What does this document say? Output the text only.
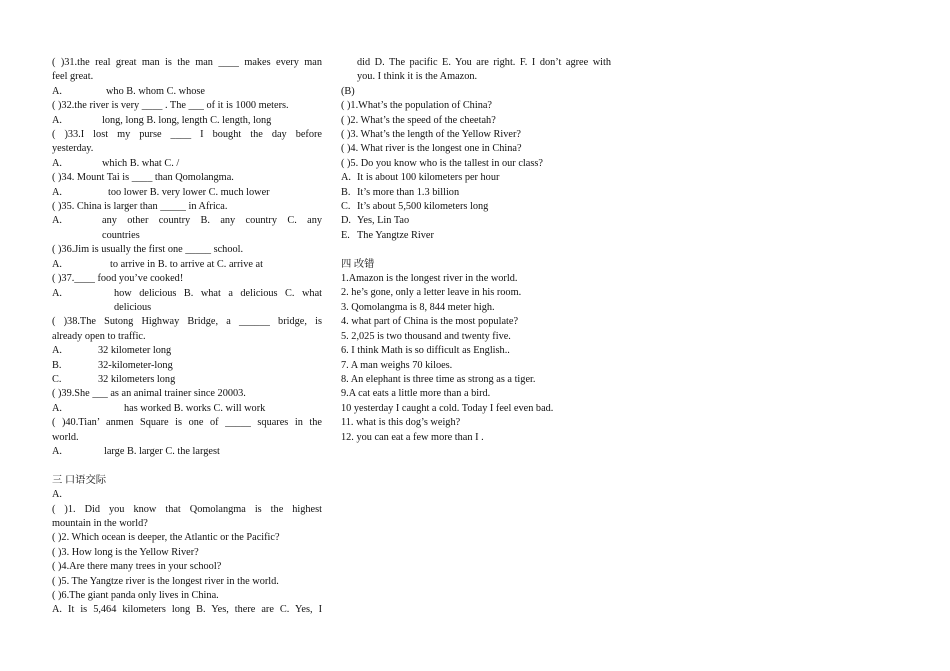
( )31.the real great man is the man ____ makes every man
feel great.
A.	who B. whom C. whose
( )32.the river is very ____ . The ___ of it is 1000 meters.
A.	long, long B. long, length C. length, long
( )33.I lost my purse ____ I bought the day before
yesterday.
A.	which B. what C. /
( )34. Mount Tai is ____ than Qomolangma.
A.	too lower B. very lower C. much lower
( )35. China is larger than _____ in Africa.
A.	any other country B. any country C. any
countries
( )36.Jim is usually the first one _____ school.
A.	to arrive in B. to arrive at C. arrive at
( )37.____ food you’ve cooked!
A.	how delicious B. what a delicious C. what
delicious
( )38.The Sutong Highway Bridge, a ______ bridge, is
already open to traffic.
A.	32 kilometer long
B.	32-kilometer-long
C.	32 kilometers long
( )39.She ___ as an animal trainer since 20003.
A.	has worked B. works C. will work
( )40.Tian’ anmen Square is one of _____ squares in the
world.
A.	large B. larger C. the largest
三 口语交际
A.
( )1. Did you know that Qomolangma is the highest
mountain in the world?
( )2. Which ocean is deeper, the Atlantic or the Pacific?
( )3. How long is the Yellow River?
( )4.Are there many trees in your school?
( )5. The Yangtze river is the longest river in the world.
( )6.The giant panda only lives in China.
A. It is 5,464 kilometers long B. Yes, there are C. Yes, I
did D. The pacific E. You are right. F. I don’t agree with
you. I think it is the Amazon.
(B)
( )1.What’s the population of China?
( )2. What’s the speed of the cheetah?
( )3. What’s the length of the Yellow River?
( )4. What river is the longest one in China?
( )5. Do you know who is the tallest in our class?
A. It is about 100 kilometers per hour
B. It’s more than 1.3 billion
C. It’s about 5,500 kilometers long
D. Yes, Lin Tao
E. The Yangtze River
四 改错
1.Amazon is the longest river in the world.
2. he’s gone, only a letter leave in his room.
3. Qomolangma is 8, 844 meter high.
4. what part of China is the most populate?
5. 2,025 is two thousand and twenty five.
6. I think Math is so difficult as English..
7. A man weighs 70 kiloes.
8. An elephant is three time as strong as a tiger.
9.A cat eats a little more than a bird.
10 yesterday I caught a cold. Today I feel even bad.
11. what is this dog’s weigh?
12. you can eat a few more than I .
